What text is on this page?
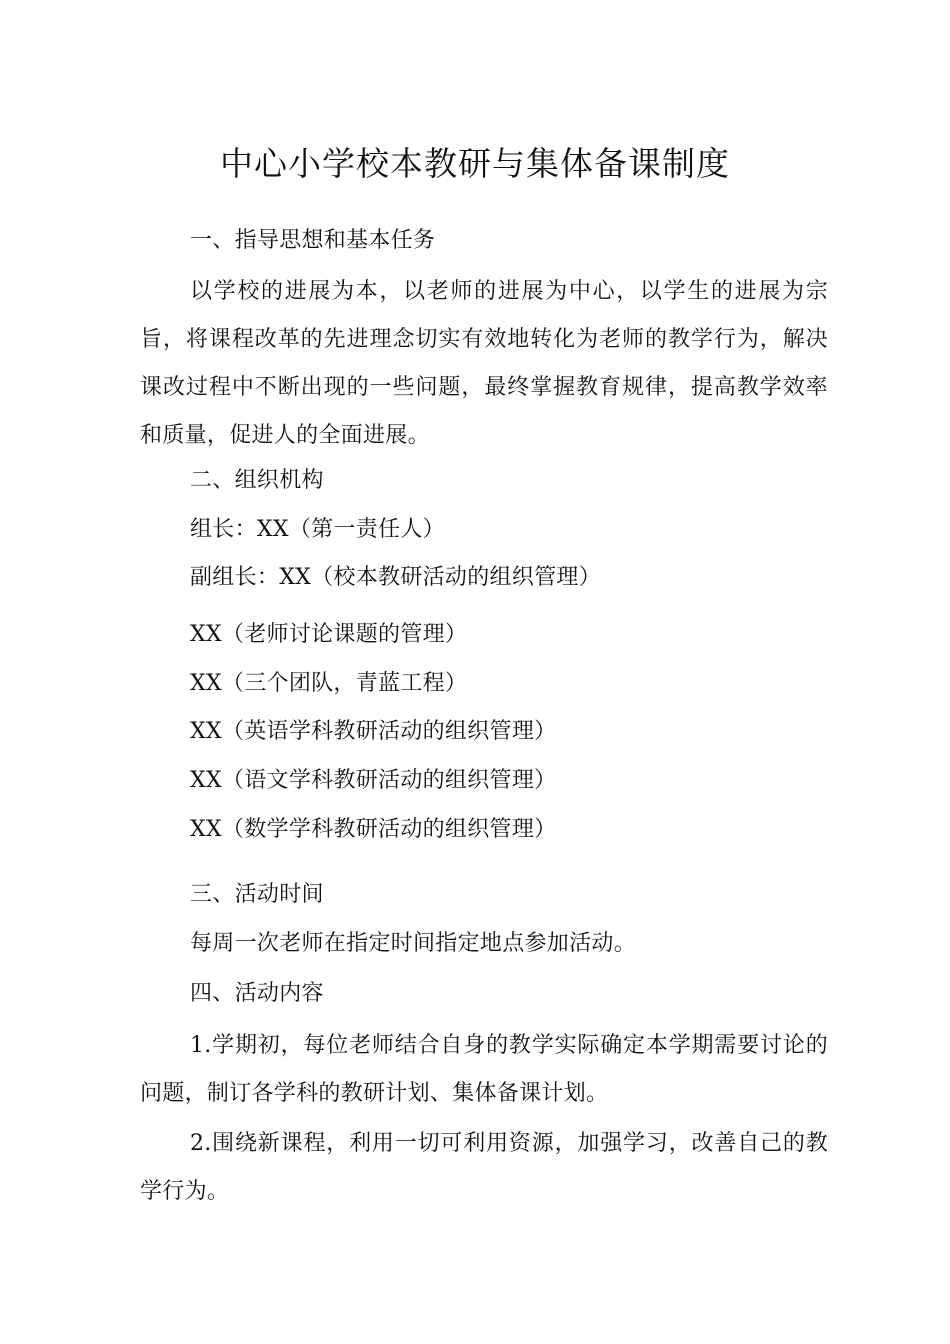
中心小学校本教研与集体备课制度
一、指导思想和基本任务
以学校的进展为本，以老师的进展为中心，以学生的进展为宗旨，将课程改革的先进理念切实有效地转化为老师的教学行为，解决课改过程中不断出现的一些问题，最终掌握教育规律，提高教学效率和质量，促进人的全面进展。
二、组织机构
组长：XX（第一责任人）
副组长：XX（校本教研活动的组织管理）
XX（老师讨论课题的管理）
XX（三个团队，青蓝工程）
XX（英语学科教研活动的组织管理）
XX（语文学科教研活动的组织管理）
XX（数学学科教研活动的组织管理）
三、活动时间
每周一次老师在指定时间指定地点参加活动。
四、活动内容
1.学期初，每位老师结合自身的教学实际确定本学期需要讨论的问题，制订各学科的教研计划、集体备课计划。
2.围绕新课程，利用一切可利用资源，加强学习，改善自己的教学行为。
